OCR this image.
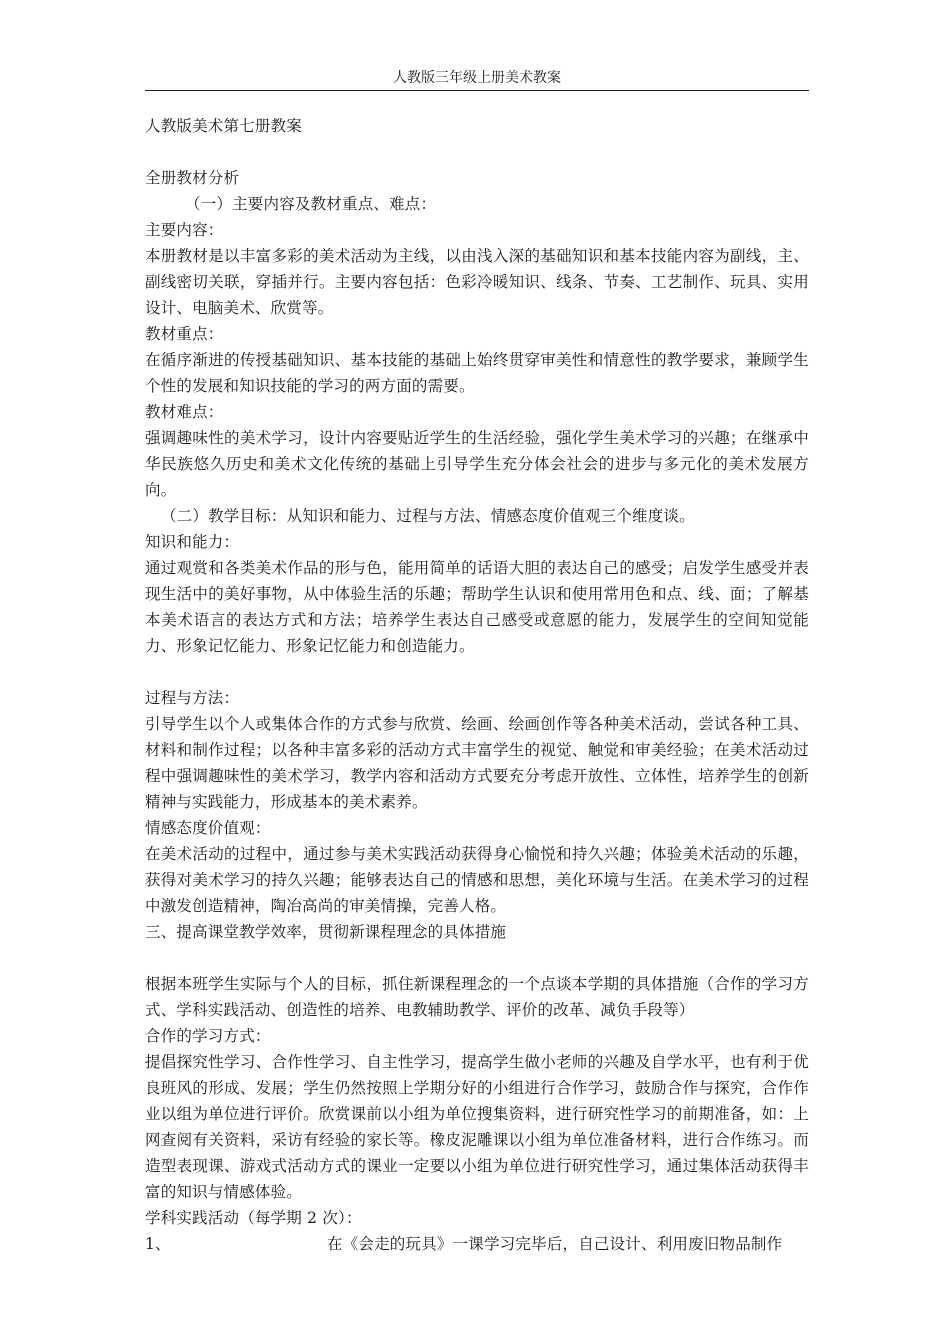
人教版三年级上册美术教案

人教版美术第七册教案

全册教材分析

（一）主要内容及教材重点、难点：

主要内容：

本册教材是以丰富多彩的美术活动为主线，以由浅入深的基础知识和基本技能内容为副线，主、副线密切关联，穿插并行。主要内容包括：色彩冷暖知识、线条、节奏、工艺制作、玩具、实用设计、电脑美术、欣赏等。

教材重点：

在循序渐进的传授基础知识、基本技能的基础上始终贯穿审美性和情意性的教学要求，兼顾学生个性的发展和知识技能的学习的两方面的需要。

教材难点：

强调趣味性的美术学习，设计内容要贴近学生的生活经验，强化学生美术学习的兴趣；在继承中华民族悠久历史和美术文化传统的基础上引导学生充分体会社会的进步与多元化的美术发展方向。

（二）教学目标：从知识和能力、过程与方法、情感态度价值观三个维度谈。

知识和能力：

通过观赏和各类美术作品的形与色，能用简单的话语大胆的表达自己的感受；启发学生感受并表现生活中的美好事物，从中体验生活的乐趣；帮助学生认识和使用常用色和点、线、面；了解基本美术语言的表达方式和方法；培养学生表达自己感受或意愿的能力，发展学生的空间知觉能力、形象记忆能力、形象记忆能力和创造能力。

过程与方法：

引导学生以个人或集体合作的方式参与欣赏、绘画、绘画创作等各种美术活动，尝试各种工具、材料和制作过程；以各种丰富多彩的活动方式丰富学生的视觉、触觉和审美经验；在美术活动过程中强调趣味性的美术学习，教学内容和活动方式要充分考虑开放性、立体性，培养学生的创新精神与实践能力，形成基本的美术素养。

情感态度价值观：

在美术活动的过程中，通过参与美术实践活动获得身心愉悦和持久兴趣；体验美术活动的乐趣，获得对美术学习的持久兴趣；能够表达自己的情感和思想，美化环境与生活。在美术学习的过程中激发创造精神，陶冶高尚的审美情操，完善人格。

三、提高课堂教学效率，贯彻新课程理念的具体措施

根据本班学生实际与个人的目标，抓住新课程理念的一个点谈本学期的具体措施（合作的学习方式、学科实践活动、创造性的培养、电教辅助教学、评价的改革、减负手段等）

合作的学习方式：

提倡探究性学习、合作性学习、自主性学习，提高学生做小老师的兴趣及自学水平，也有利于优良班风的形成、发展；学生仍然按照上学期分好的小组进行合作学习，鼓励合作与探究，合作作业以组为单位进行评价。欣赏课前以小组为单位搜集资料，进行研究性学习的前期准备，如：上网查阅有关资料，采访有经验的家长等。橡皮泥雕课以小组为单位准备材料，进行合作练习。而造型表现课、游戏式活动方式的课业一定要以小组为单位进行研究性学习，通过集体活动获得丰富的知识与情感体验。

学科实践活动（每学期 2 次）：

1、	在《会走的玩具》一课学习完毕后，自己设计、利用废旧物品制作
